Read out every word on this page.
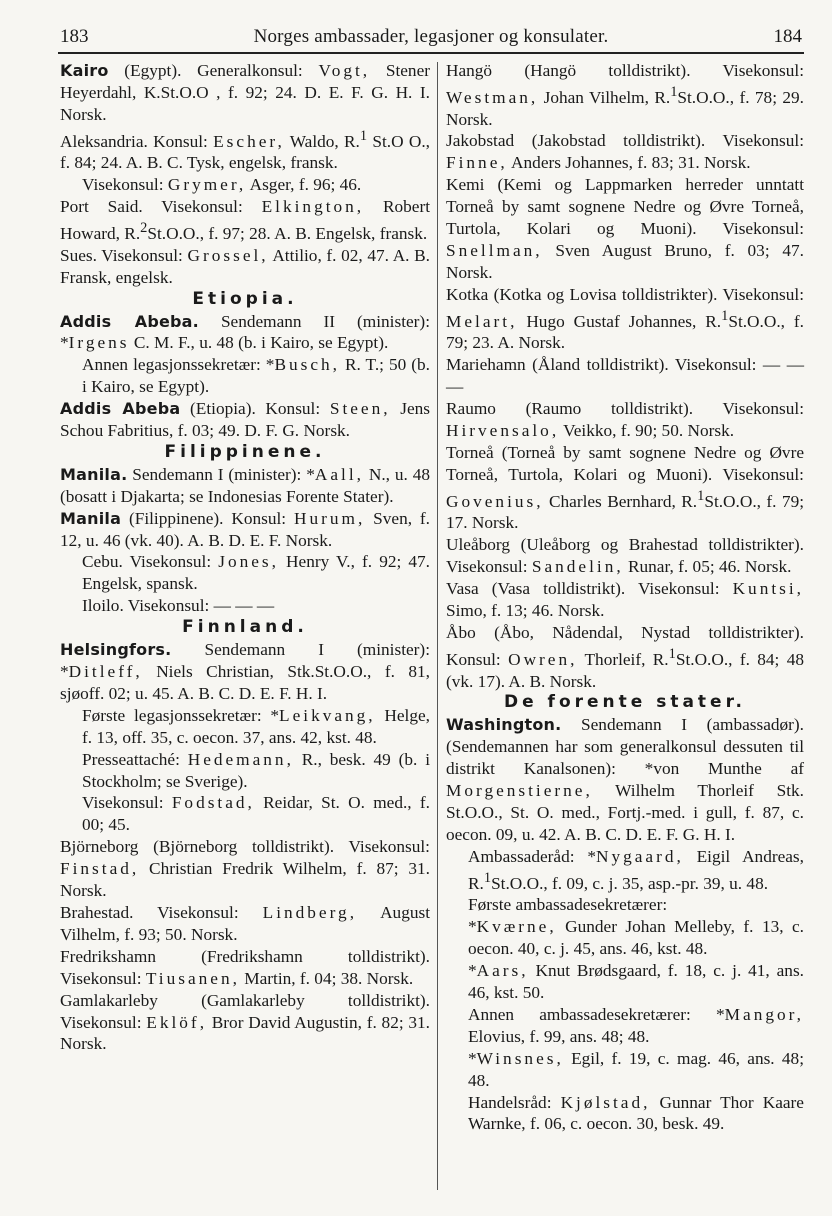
183	Norges ambassader, legasjoner og konsulater.	184

Kairo (Egypt). Generalkonsul: Vogt, Stener Heyerdahl, K.St.O.O , f. 92; 24. D. E. F. G. H. I. Norsk.

Aleksandria. Konsul: Escher, Waldo, R.$^1$ St.O O., f. 84; 24. A. B. C. Tysk, engelsk, fransk.

Visekonsul: Grymer, Asger, f. 96; 46.

Port Said. Visekonsul: Elkington, Robert Howard, R.$^2$St.O.O., f. 97; 28. A. B. Engelsk, fransk.

Sues. Visekonsul: Grossel, Attilio, f. 02, 47. A. B. Fransk, engelsk.

Etiopia.

Addis Abeba. Sendemann II (minister): *Irgens C. M. F., u. 48 (b. i Kairo, se Egypt).

Annen legasjonssekretær: *Busch, R. T.; 50 (b. i Kairo, se Egypt).

Addis Abeba (Etiopia). Konsul: Steen, Jens Schou Fabritius, f. 03; 49. D. F. G. Norsk.

Filippinene.

Manila. Sendemann I (minister): *Aall, N., u. 48 (bosatt i Djakarta; se Indonesias Forente Stater).

Manila (Filippinene). Konsul: Hurum, Sven, f. 12, u. 46 (vk. 40). A. B. D. E. F. Norsk.

Cebu. Visekonsul: Jones, Henry V., f. 92; 47. Engelsk, spansk.

Iloilo. Visekonsul: — — —

Finnland.

Helsingfors. Sendemann I (minister): *Ditleff, Niels Christian, Stk.St.O.O., f. 81, sjøoff. 02; u. 45. A. B. C. D. E. F. H. I.

Første legasjonssekretær: *Leikvang, Helge, f. 13, off. 35, c. oecon. 37, ans. 42, kst. 48.

Presseattaché: Hedemann, R., besk. 49 (b. i Stockholm; se Sverige).

Visekonsul: Fodstad, Reidar, St. O. med., f. 00; 45.

Björneborg (Björneborg tolldistrikt). Visekonsul: Finstad, Christian Fredrik Wilhelm, f. 87; 31. Norsk.

Brahestad. Visekonsul: Lindberg, August Vilhelm, f. 93; 50. Norsk.

Fredrikshamn (Fredrikshamn tolldistrikt). Visekonsul: Tiusanen, Martin, f. 04; 38. Norsk.

Gamlakarleby (Gamlakarleby tolldistrikt). Visekonsul: Eklöf, Bror David Augustin, f. 82; 31. Norsk.

Hangö (Hangö tolldistrikt). Visekonsul: Westman, Johan Vilhelm, R.$^1$St.O.O., f. 78; 29. Norsk.

Jakobstad (Jakobstad tolldistrikt). Visekonsul: Finne, Anders Johannes, f. 83; 31. Norsk.

Kemi (Kemi og Lappmarken herreder unntatt Torneå by samt sognene Nedre og Øvre Torneå, Turtola, Kolari og Muoni). Visekonsul: Snellman, Sven August Bruno, f. 03; 47. Norsk.

Kotka (Kotka og Lovisa tolldistrikter). Visekonsul: Melart, Hugo Gustaf Johannes, R.$^1$St.O.O., f. 79; 23. A. Norsk.

Mariehamn (Åland tolldistrikt). Visekonsul: — — —

Raumo (Raumo tolldistrikt). Visekonsul: Hirvensalo, Veikko, f. 90; 50. Norsk.

Torneå (Torneå by samt sognene Nedre og Øvre Torneå, Turtola, Kolari og Muoni). Visekonsul: Govenius, Charles Bernhard, R.$^1$St.O.O., f. 79; 17. Norsk.

Uleåborg (Uleåborg og Brahestad tolldistrikter). Visekonsul: Sandelin, Runar, f. 05; 46. Norsk.

Vasa (Vasa tolldistrikt). Visekonsul: Kuntsi, Simo, f. 13; 46. Norsk.

Åbo (Åbo, Nådendal, Nystad tolldistrikter). Konsul: Owren, Thorleif, R.$^1$St.O.O., f. 84; 48 (vk. 17). A. B. Norsk.

De forente stater.

Washington. Sendemann I (ambassadør). (Sendemannen har som generalkonsul dessuten til distrikt Kanalsonen): *von Munthe af Morgenstierne, Wilhelm Thorleif Stk. St.O.O., St. O. med., Fortj.-med. i gull, f. 87, c. oecon. 09, u. 42. A. B. C. D. E. F. G. H. I.

Ambassaderåd: *Nygaard, Eigil Andreas, R.$^1$St.O.O., f. 09, c. j. 35, asp.-pr. 39, u. 48.

Første ambassadesekretærer:

*Kværne, Gunder Johan Melleby, f. 13, c. oecon. 40, c. j. 45, ans. 46, kst. 48.

*Aars, Knut Brødsgaard, f. 18, c. j. 41, ans. 46, kst. 50.

Annen ambassadesekretærer: *Mangor, Elovius, f. 99, ans. 48; 48.

*Winsnes, Egil, f. 19, c. mag. 46, ans. 48; 48.

Handelsråd: Kjølstad, Gunnar Thor Kaare Warnke, f. 06, c. oecon. 30, besk. 49.
